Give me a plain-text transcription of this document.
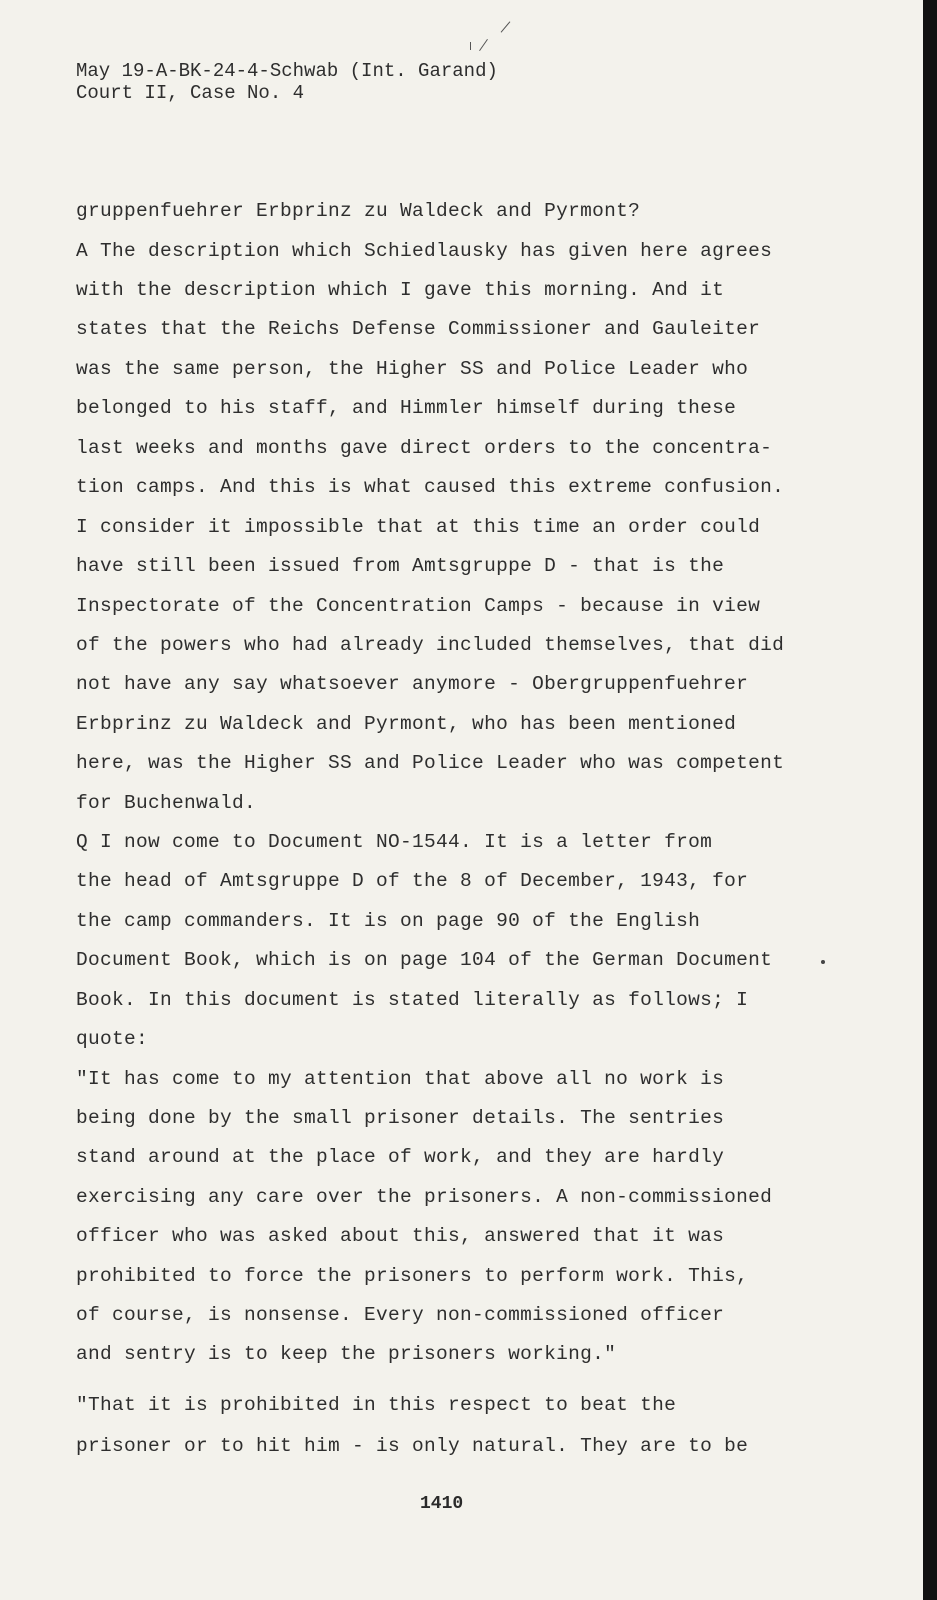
May 19-A-BK-24-4-Schwab (Int. Garand)
Court II, Case No. 4
gruppenfuehrer Erbprinz zu Waldeck and Pyrmont?
A The description which Schiedlausky has given here agrees
with the description which I gave this morning. And it
states that the Reichs Defense Commissioner and Gauleiter
was the same person, the Higher SS and Police Leader who
belonged to his staff, and Himmler himself during these
last weeks and months gave direct orders to the concentra-
tion camps. And this is what caused this extreme confusion.
I consider it impossible that at this time an order could
have still been issued from Amtsgruppe D - that is the
Inspectorate of the Concentration Camps - because in view
of the powers who had already included themselves, that did
not have any say whatsoever anymore - Obergruppenfuehrer
Erbprinz zu Waldeck and Pyrmont, who has been mentioned
here, was the Higher SS and Police Leader who was competent
for Buchenwald.
Q I now come to Document NO-1544. It is a letter from
the head of Amtsgruppe D of the 8 of December, 1943, for
the camp commanders. It is on page 90 of the English
Document Book, which is on page 104 of the German Document
Book. In this document is stated literally as follows; I
quote:
"It has come to my attention that above all no work is
being done by the small prisoner details. The sentries
stand around at the place of work, and they are hardly
exercising any care over the prisoners. A non-commissioned
officer who was asked about this, answered that it was
prohibited to force the prisoners to perform work. This,
of course, is nonsense. Every non-commissioned officer
and sentry is to keep the prisoners working."
"That it is prohibited in this respect to beat the
prisoner or to hit him - is only natural. They are to be
1410
